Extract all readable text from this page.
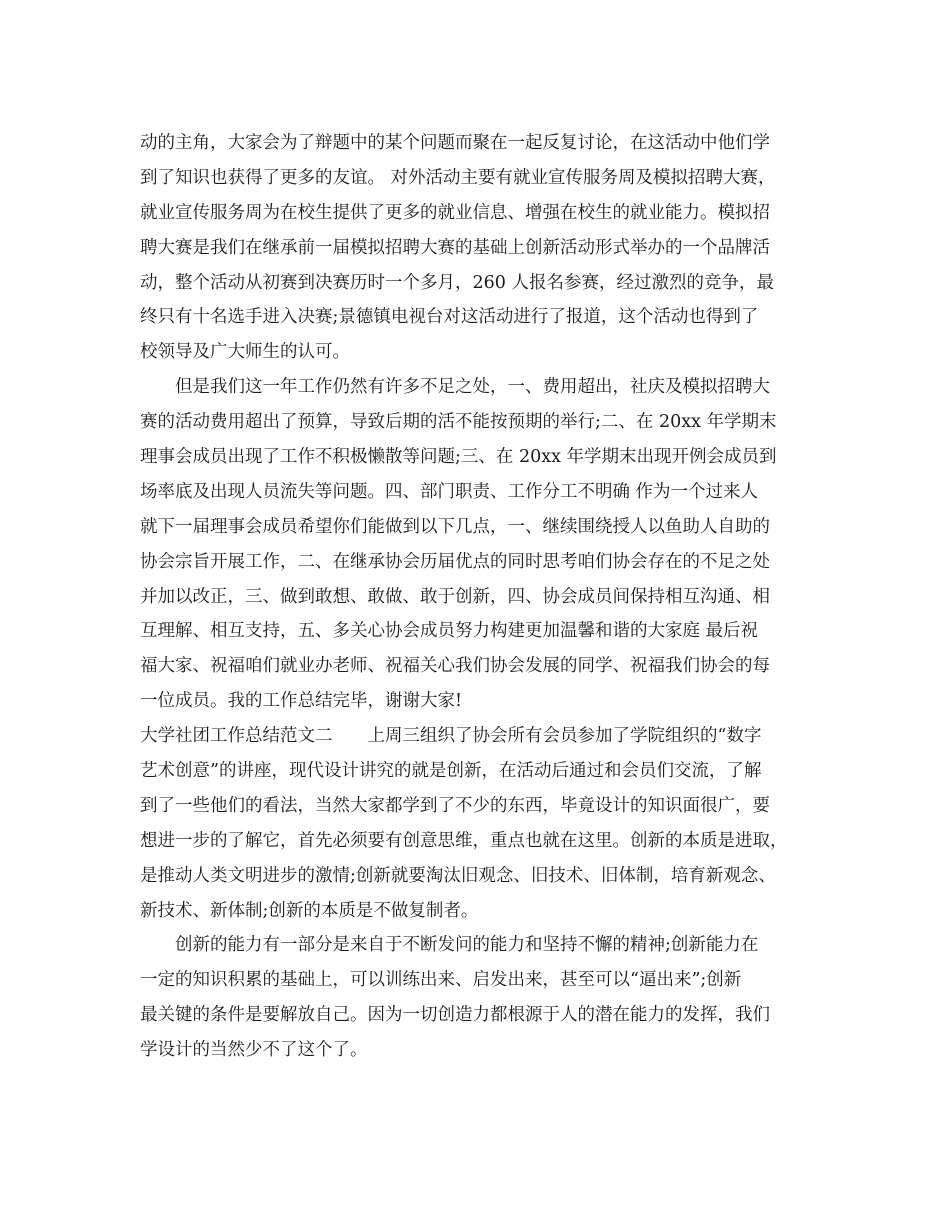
动的主角，大家会为了辩题中的某个问题而聚在一起反复讨论，在这活动中他们学
到了知识也获得了更多的友谊。 对外活动主要有就业宣传服务周及模拟招聘大赛，
就业宣传服务周为在校生提供了更多的就业信息、增强在校生的就业能力。模拟招
聘大赛是我们在继承前一届模拟招聘大赛的基础上创新活动形式举办的一个品牌活
动，整个活动从初赛到决赛历时一个多月，260 人报名参赛，经过激烈的竞争，最
终只有十名选手进入决赛;景德镇电视台对这活动进行了报道，这个活动也得到了
校领导及广大师生的认可。
　　但是我们这一年工作仍然有许多不足之处，一、费用超出，社庆及模拟招聘大
赛的活动费用超出了预算，导致后期的活不能按预期的举行;二、在 20xx 年学期末
理事会成员出现了工作不积极懒散等问题;三、在 20xx 年学期末出现开例会成员到
场率底及出现人员流失等问题。四、部门职责、工作分工不明确 作为一个过来人
就下一届理事会成员希望你们能做到以下几点，一、继续围绕授人以鱼助人自助的
协会宗旨开展工作，二、在继承协会历届优点的同时思考咱们协会存在的不足之处
并加以改正，三、做到敢想、敢做、敢于创新，四、协会成员间保持相互沟通、相
互理解、相互支持，五、多关心协会成员努力构建更加温馨和谐的大家庭 最后祝
福大家、祝福咱们就业办老师、祝福关心我们协会发展的同学、祝福我们协会的每
一位成员。我的工作总结完毕，谢谢大家!
大学社团工作总结范文二　　上周三组织了协会所有会员参加了学院组织的“数字
艺术创意”的讲座，现代设计讲究的就是创新，在活动后通过和会员们交流，了解
到了一些他们的看法，当然大家都学到了不少的东西，毕竟设计的知识面很广，要
想进一步的了解它，首先必须要有创意思维，重点也就在这里。创新的本质是进取，
是推动人类文明进步的激情;创新就要淘汰旧观念、旧技术、旧体制，培育新观念、
新技术、新体制;创新的本质是不做复制者。
　　创新的能力有一部分是来自于不断发问的能力和坚持不懈的精神;创新能力在
一定的知识积累的基础上，可以训练出来、启发出来，甚至可以“逼出来”;创新
最关键的条件是要解放自己。因为一切创造力都根源于人的潜在能力的发挥，我们
学设计的当然少不了这个了。
